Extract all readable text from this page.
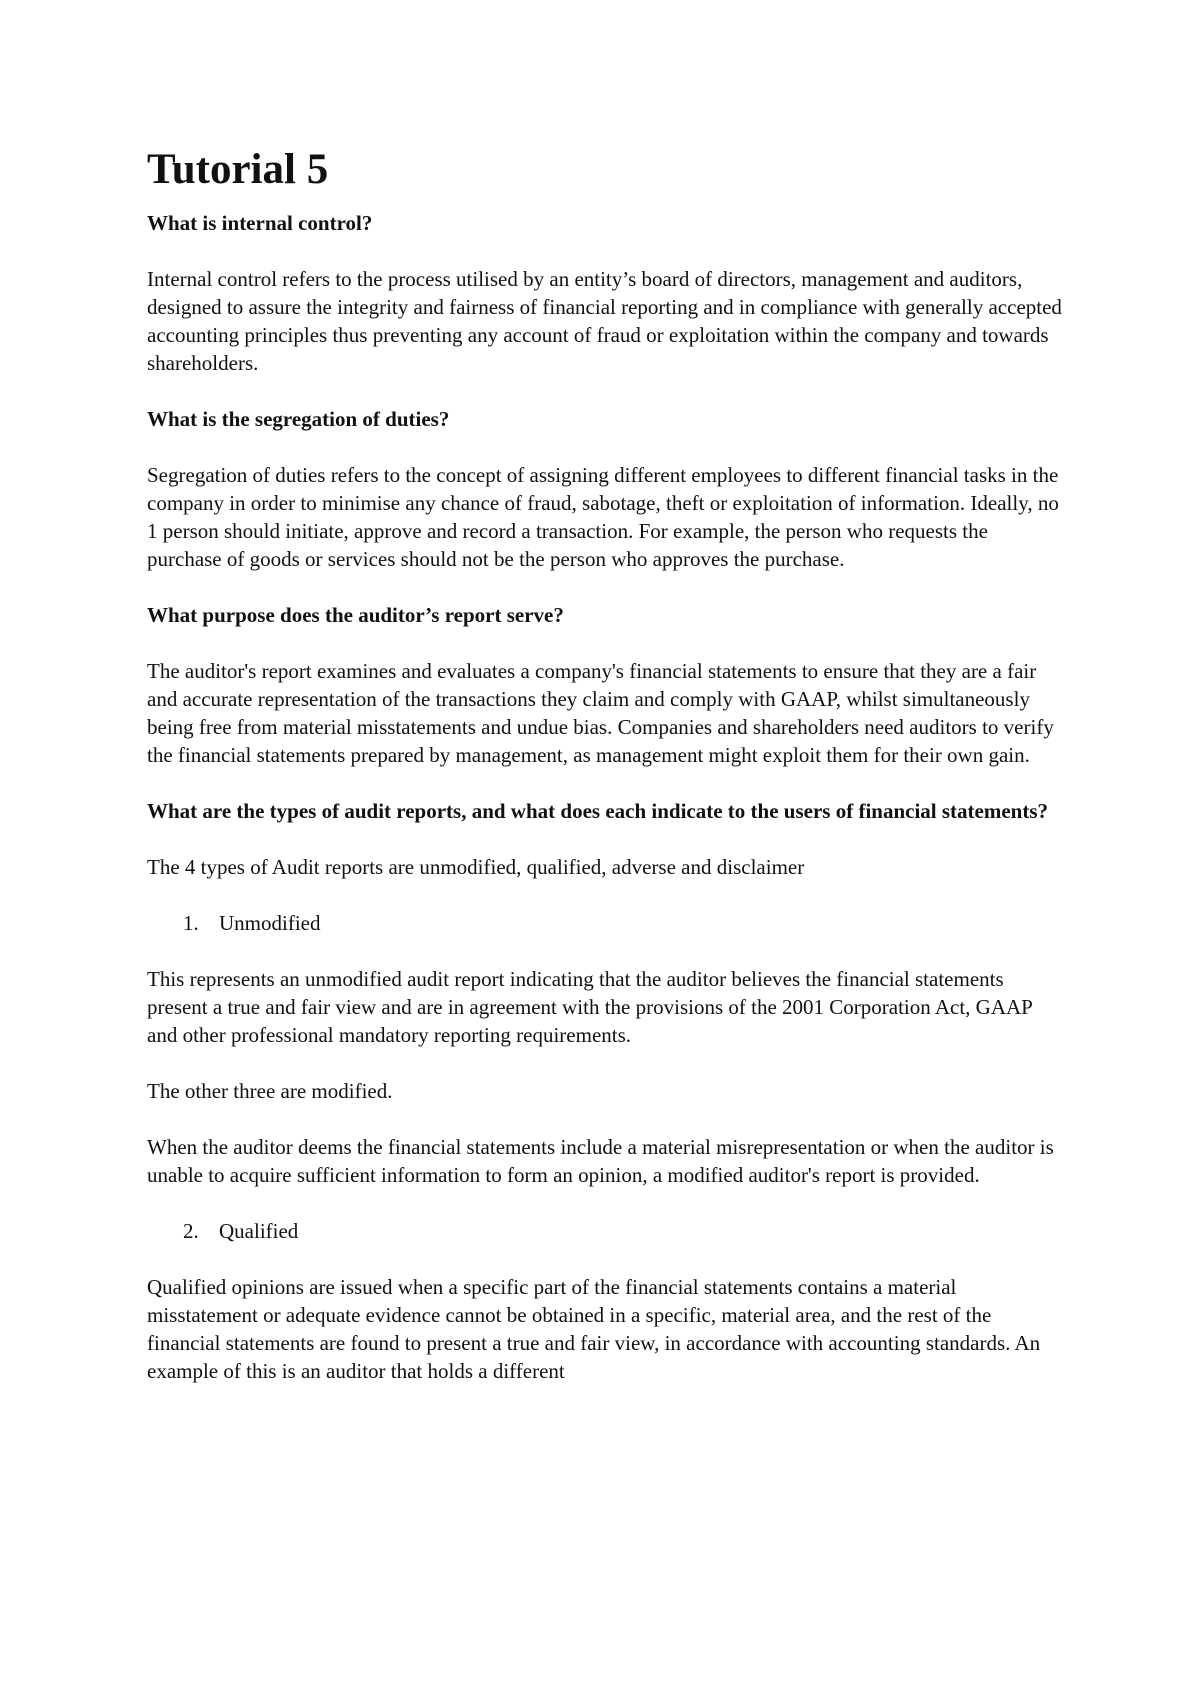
Tutorial 5

What is internal control?

Internal control refers to the process utilised by an entity’s board of directors, management and auditors, designed to assure the integrity and fairness of financial reporting and in compliance with generally accepted accounting principles thus preventing any account of fraud or exploitation within the company and towards shareholders.

What is the segregation of duties?

Segregation of duties refers to the concept of assigning different employees to different financial tasks in the company in order to minimise any chance of fraud, sabotage, theft or exploitation of information. Ideally, no 1 person should initiate, approve and record a transaction. For example, the person who requests the purchase of goods or services should not be the person who approves the purchase.

What purpose does the auditor’s report serve?

The auditor's report examines and evaluates a company's financial statements to ensure that they are a fair and accurate representation of the transactions they claim and comply with GAAP, whilst simultaneously being free from material misstatements and undue bias. Companies and shareholders need auditors to verify the financial statements prepared by management, as management might exploit them for their own gain.

What are the types of audit reports, and what does each indicate to the users of financial statements?

The 4 types of Audit reports are unmodified, qualified, adverse and disclaimer

1. Unmodified

This represents an unmodified audit report indicating that the auditor believes the financial statements present a true and fair view and are in agreement with the provisions of the 2001 Corporation Act, GAAP and other professional mandatory reporting requirements.

The other three are modified.

When the auditor deems the financial statements include a material misrepresentation or when the auditor is unable to acquire sufficient information to form an opinion, a modified auditor's report is provided.

2. Qualified

Qualified opinions are issued when a specific part of the financial statements contains a material misstatement or adequate evidence cannot be obtained in a specific, material area, and the rest of the financial statements are found to present a true and fair view, in accordance with accounting standards. An example of this is an auditor that holds a different
